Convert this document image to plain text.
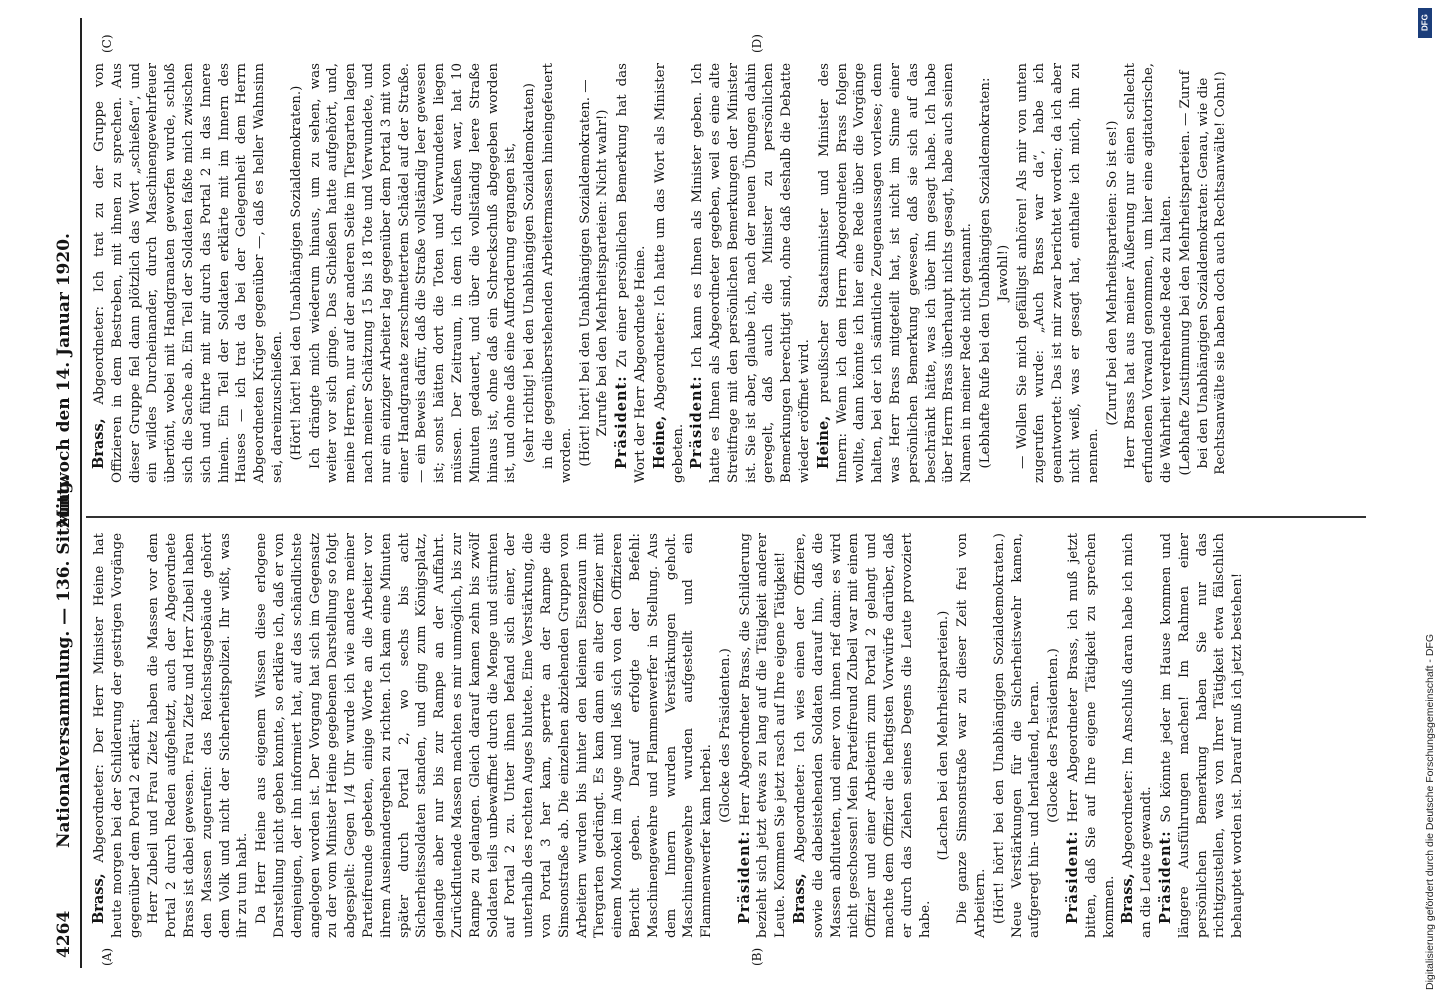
4264
Nationalversammlung. — 136. Sitzung.
Mittwoch den 14. Januar 1920.
(A)	(B)
(C)	(D)

Brass, Abgeordneter: Der Herr Minister Heine hat heute morgen bei der Schilderung der gestrigen Vorgänge gegenüber dem Portal 2 erklärt: Herr Zubeil und Frau Zietz haben die Massen vor dem Portal 2 durch Reden aufgehetzt, auch der Abgeordnete Brass ist dabei gewesen. Frau Zietz und Herr Zubeil haben den Massen zugerufen: das Reichstagsgebäude gehört dem Volk und nicht der Sicherheitspolizei. Ihr wißt, was ihr zu tun habt. Da Herr Heine aus eigenem Wissen diese erlogene Darstellung nicht geben konnte, so erkläre ich, daß er von demjenigen, der ihn informiert hat, auf das schändlichste angelogen worden ist. Der Vorgang hat sich im Gegensatz zu der vom Minister Heine gegebenen Darstellung so folgt abgespielt: Gegen 1/4 Uhr wurde ich wie andere meiner Parteifreunde gebeten, einige Worte an die Arbeiter vor ihrem Auseinandergehen zu richten. Ich kam eine Minuten später durch Portal 2, wo sechs bis acht Sicherheitssoldaten standen, und ging zum Königsplatz, gelangte aber nur bis zur Rampe an der Auffahrt. Zurückflutende Massen machten es mir unmöglich, bis zur Rampe zu gelangen. Gleich darauf kamen zehn bis zwölf Soldaten teils unbewaffnet durch die Menge und stürmten auf Portal 2 zu. Unter ihnen befand sich einer, der unterhalb des rechten Auges blutete. Eine Verstärkung, die von Portal 3 her kam, sperrte an der Rampe die Simsonstraße ab. Die einzelnen abziehenden Gruppen von Arbeitern wurden bis hinter den kleinen Eisenzaun im Tiergarten gedrängt. Es kam dann ein alter Offizier mit einem Monokel im Auge und ließ sich von den Offizieren Bericht geben. Darauf erfolgte der Befehl: Maschinengewehre und Flammenwerfer in Stellung. Aus dem Innern wurden Verstärkungen geholt. Maschinengewehre wurden aufgestellt und ein Flammenwerfer kam herbei.

(Glocke des Präsidenten.)

Präsident: Herr Abgeordneter Brass, die Schilderung bezieht sich jetzt etwas zu lang auf die Tätigkeit anderer Leute. Kommen Sie jetzt rasch auf Ihre eigene Tätigkeit! Brass, Abgeordneter: Ich wies einen der Offiziere, sowie die dabeistehenden Soldaten darauf hin, daß die Massen abfluteten, und einer von ihnen rief dann: es wird nicht geschossen! Mein Parteifreund Zubeil war mit einem Offizier und einer Arbeiterin zum Portal 2 gelangt und machte dem Offizier die heftigsten Vorwürfe darüber, daß er durch das Ziehen seines Degens die Leute provoziert habe.

(Lachen bei den Mehrheitsparteien.) Die ganze Simsonstraße war zu dieser Zeit frei von Arbeitern. (Hört! hört! bei den Unabhängigen Sozialdemokraten.) Neue Verstärkungen für die Sicherheitswehr kamen, aufgeregt hin- und herlaufend, heran. (Glocke des Präsidenten.)

Präsident: Herr Abgeordneter Brass, ich muß jetzt bitten, daß Sie auf Ihre eigene Tätigkeit zu sprechen kommen. Brass, Abgeordneter: Im Anschluß daran habe ich mich an die Leute gewandt. Präsident: So könnte jeder im Hause kommen und längere Ausführungen machen! Im Rahmen einer persönlichen Bemerkung haben Sie nur das richtigzustellen, was von Ihrer Tätigkeit etwa fälschlich behauptet worden ist. Darauf muß ich jetzt bestehen!

Brass, Abgeordneter: Ich trat zu der Gruppe von Offizieren in dem Bestreben, mit ihnen zu sprechen. Aus dieser Gruppe fiel dann plötzlich das Wort „schießen“, und ein wildes Durcheinander, durch Maschinengewehrfeuer übertönt, wobei mit Handgranaten geworfen wurde, schloß sich die Sache ab. Ein Teil der Soldaten faßte mich zwischen sich und führte mit mir durch das Portal 2 in das Innere hinein. Ein Teil der Soldaten erklärte mit im Innern des Hauses — ich trat da bei der Gelegenheit dem Herrn Abgeordneten Krüger gegenüber —, daß es heller Wahnsinn sei, dareinzuschießen. (Hört! hört! bei den Unabhängigen Sozialdemokraten.) Ich drängte mich wiederum hinaus, um zu sehen, was weiter vor sich ginge. Das Schießen hatte aufgehört, und, meine Herren, nur auf der anderen Seite im Tiergarten lagen nach meiner Schätzung 15 bis 18 Tote und Verwundete, und nur ein einziger Arbeiter lag gegenüber dem Portal 3 mit von einer Handgranate zerschmettertem Schädel auf der Straße. — ein Beweis dafür, daß die Straße vollständig leer gewesen ist; sonst hätten dort die Toten und Verwundeten liegen müssen. Der Zeitraum, in dem ich draußen war, hat 10 Minuten gedauert, und über die vollständig leere Straße hinaus ist, ohne daß ein Schreckschuß abgegeben worden ist, und ohne daß eine Aufforderung ergangen ist, (sehr richtig! bei den Unabhängigen Sozialdemokraten) in die gegenüberstehenden Arbeitermassen hineingefeuert worden. (Hört! hört! bei den Unabhängigen Sozialdemokraten. — Zurufe bei den Mehrheitsparteien: Nicht wahr!) Präsident: Zu einer persönlichen Bemerkung hat das Wort der Herr Abgeordnete Heine. Heine, Abgeordneter: Ich hatte um das Wort als Minister gebeten. Präsident: Ich kann es Ihnen als Minister geben. Ich hatte es Ihnen als Abgeordneter gegeben, weil es eine alte Streitfrage mit den persönlichen Bemerkungen der Minister ist. Sie ist aber, glaube ich, nach der neuen Übungen dahin geregelt, daß auch die Minister zu persönlichen Bemerkungen berechtigt sind, ohne daß deshalb die Debatte wieder eröffnet wird. Heine, preußischer Staatsminister und Minister des Innern: Wenn ich dem Herrn Abgeordneten Brass folgen wollte, dann könnte ich hier eine Rede über die Vorgänge halten, bei der ich sämtliche Zeugenaussagen vorlese; denn was Herr Brass mitgeteilt hat, ist nicht im Sinne einer persönlichen Bemerkung gewesen, daß sie sich auf das beschränkt hätte, was ich über ihn gesagt habe. Ich habe über Herrn Brass überhaupt nichts gesagt, habe auch seinen Namen in meiner Rede nicht genannt. (Lebhafte Rufe bei den Unabhängigen Sozialdemokraten: Jawohl!) — Wollen Sie mich gefälligst anhören! Als mir von unten zugerufen wurde: „Auch Brass war da“, habe ich geantwortet: Das ist mir zwar berichtet worden; da ich aber nicht weiß, was er gesagt hat, enthalte ich mich, ihn zu nennen.

(Zuruf bei den Mehrheitsparteien: So ist es!) Herr Brass hat aus meiner Äußerung nur einen schlecht erfundenen Vorwand genommen, um hier eine agitatorische, die Wahrheit verdrehende Rede zu halten. (Lebhafte Zustimmung bei den Mehrheitsparteien. — Zuruf bei den Unabhängigen Sozialdemokraten: Genau, wie die Rechtsanwälte sie haben doch auch Rechtsanwälte! Cohn!)

DFG
Digitalisierung gefördert durch die Deutsche Forschungsgemeinschaft - DFG
